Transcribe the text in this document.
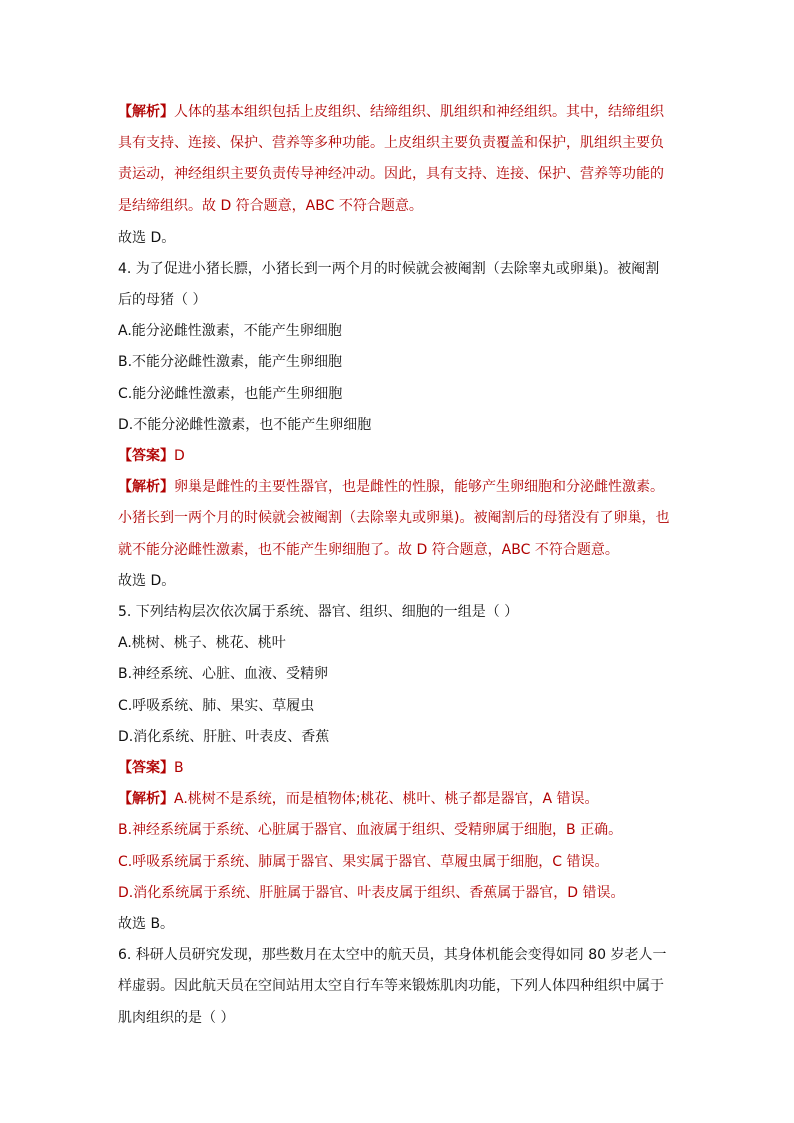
【解析】人体的基本组织包括上皮组织、结缔组织、肌组织和神经组织。其中，结缔组织
具有支持、连接、保护、营养等多种功能。上皮组织主要负责覆盖和保护，肌组织主要负
责运动，神经组织主要负责传导神经冲动。因此，具有支持、连接、保护、营养等功能的
是结缔组织。故 D 符合题意，ABC 不符合题意。
故选 D。
4. 为了促进小猪长膘，小猪长到一两个月的时候就会被阉割（去除睾丸或卵巢)。被阉割
后的母猪（ ）
A.能分泌雌性激素，不能产生卵细胞
B.不能分泌雌性激素，能产生卵细胞
C.能分泌雌性激素，也能产生卵细胞
D.不能分泌雌性激素，也不能产生卵细胞
【答案】D
【解析】卵巢是雌性的主要性器官，也是雌性的性腺，能够产生卵细胞和分泌雌性激素。
小猪长到一两个月的时候就会被阉割（去除睾丸或卵巢)。被阉割后的母猪没有了卵巢，也
就不能分泌雌性激素，也不能产生卵细胞了。故 D 符合题意，ABC 不符合题意。
故选 D。
5. 下列结构层次依次属于系统、器官、组织、细胞的一组是（ ）
A.桃树、桃子、桃花、桃叶
B.神经系统、心脏、血液、受精卵
C.呼吸系统、肺、果实、草履虫
D.消化系统、肝脏、叶表皮、香蕉
【答案】B
【解析】A.桃树不是系统，而是植物体;桃花、桃叶、桃子都是器官，A 错误。
B.神经系统属于系统、心脏属于器官、血液属于组织、受精卵属于细胞，B 正确。
C.呼吸系统属于系统、肺属于器官、果实属于器官、草履虫属于细胞，C 错误。
D.消化系统属于系统、肝脏属于器官、叶表皮属于组织、香蕉属于器官，D 错误。
故选 B。
6. 科研人员研究发现，那些数月在太空中的航天员，其身体机能会变得如同 80 岁老人一
样虚弱。因此航天员在空间站用太空自行车等来锻炼肌肉功能，下列人体四种组织中属于
肌肉组织的是（ ）
